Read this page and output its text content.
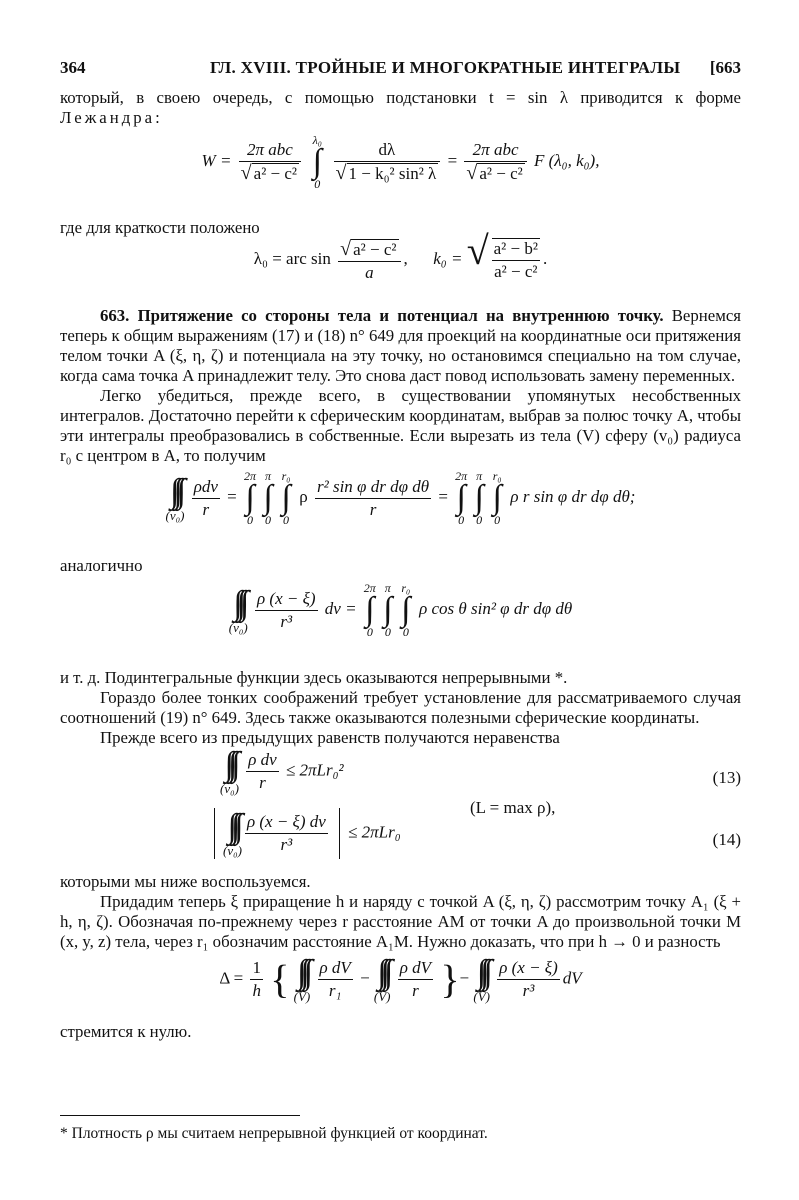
364	ГЛ. XVIII. ТРОЙНЫЕ И МНОГОКРАТНЫЕ ИНТЕГРАЛЫ [663

который, в своею очередь, с помощью подстановки t = sin λ приводится к форме Лежандра:

$W = \frac{\text{2π abc}}{\text{√ a² − c²}}$
λ₀
∫
0
$\frac{d\lambda}{\text{√ 1 − k₀² sin² λ}} = \frac{\text{2π abc}}{\text{√ a² − c²}}$ F (λ₀, k₀),

где для краткости положено

λ₀ = arc $\sin \frac{\text{√ a² − c²}}{a}$ , k₀ = √ $\frac{\text{a² − b²}}{\text{a² − c²}}$ .

663. Притяжение со стороны тела и потенциал на внутреннюю точку. Вернемся теперь к общим выражениям (17) и (18) n° 649 для проекций на координатные оси притяжения телом точки A (ξ, η, ζ) и потенциала на эту точку, но остановимся специально на том случае, когда сама точка A принадлежит телу. Это снова даст повод использовать замену переменных.

Легко убедиться, прежде всего, в существовании упомянутых несобственных интегралов. Достаточно перейти к сферическим координатам, выбрав за полюс точку A, чтобы эти интегралы преобразовались в собственные. Если вырезать из тела (V) сферу (v₀) радиуса r₀ с центром в A, то получим

∫∫∫
(v₀)
$\frac{\text{ρdv}}{r}$ =
2π
∫
0
π
∫
0
r₀
∫
0
ρ $\frac{\text{r² sin φ dr dφ dθ}}{r}$ =
2π
∫
0
π
∫
0
r₀
∫
0
ρ r sin φ dr dφ dθ;

аналогично

∫∫∫
(v₀)
$\frac{\rho (x - \xi)}{\text{r³}}$ dv =
2π
∫
0
π
∫
0
r₀
∫
0
ρ cos θ sin² φ dr dφ dθ

и т. д. Подинтегральные функции здесь оказываются непрерывными *.

Гораздо более тонких соображений требует установление для рассматриваемого случая соотношений (19) n° 649. Здесь также оказываются полезными сферические координаты.

Прежде всего из предыдущих равенств получаются неравенства

∫∫∫
(v₀)
$\frac{\text{ρ dv}}{r} \le 2\pi Lr_0^2$	(13)
(L = max ρ),
∫∫∫
$(v_0) \frac{\rho (x - \xi) dv}{\text{r³}} \le 2\pi Lr_0$	(14)

которыми мы ниже воспользуемся.

Придадим теперь ξ приращение h и наряду с точкой A (ξ, η, ζ) рассмотрим точку A₁ (ξ + h, η, ζ). Обозначая по-прежнему через r расстояние AM от точки A до произвольной точки M (x, y, z) тела, через r₁ обозначим расстояние A₁M. Нужно доказать, что при h → 0 и разность

$\Delta = \frac{1}{h}$ { ∫∫∫
(V)
$\frac{\text{ρ dV}}{\text{r₁}}$ − ∫∫∫
(V)
$\frac{\text{ρ dV}}{r}$ }− ∫∫∫
(V)
$\frac{\rho (x - \xi)}{\text{r³}}$ dV

стремится к нулю.

* Плотность ρ мы считаем непрерывной функцией от координат.
